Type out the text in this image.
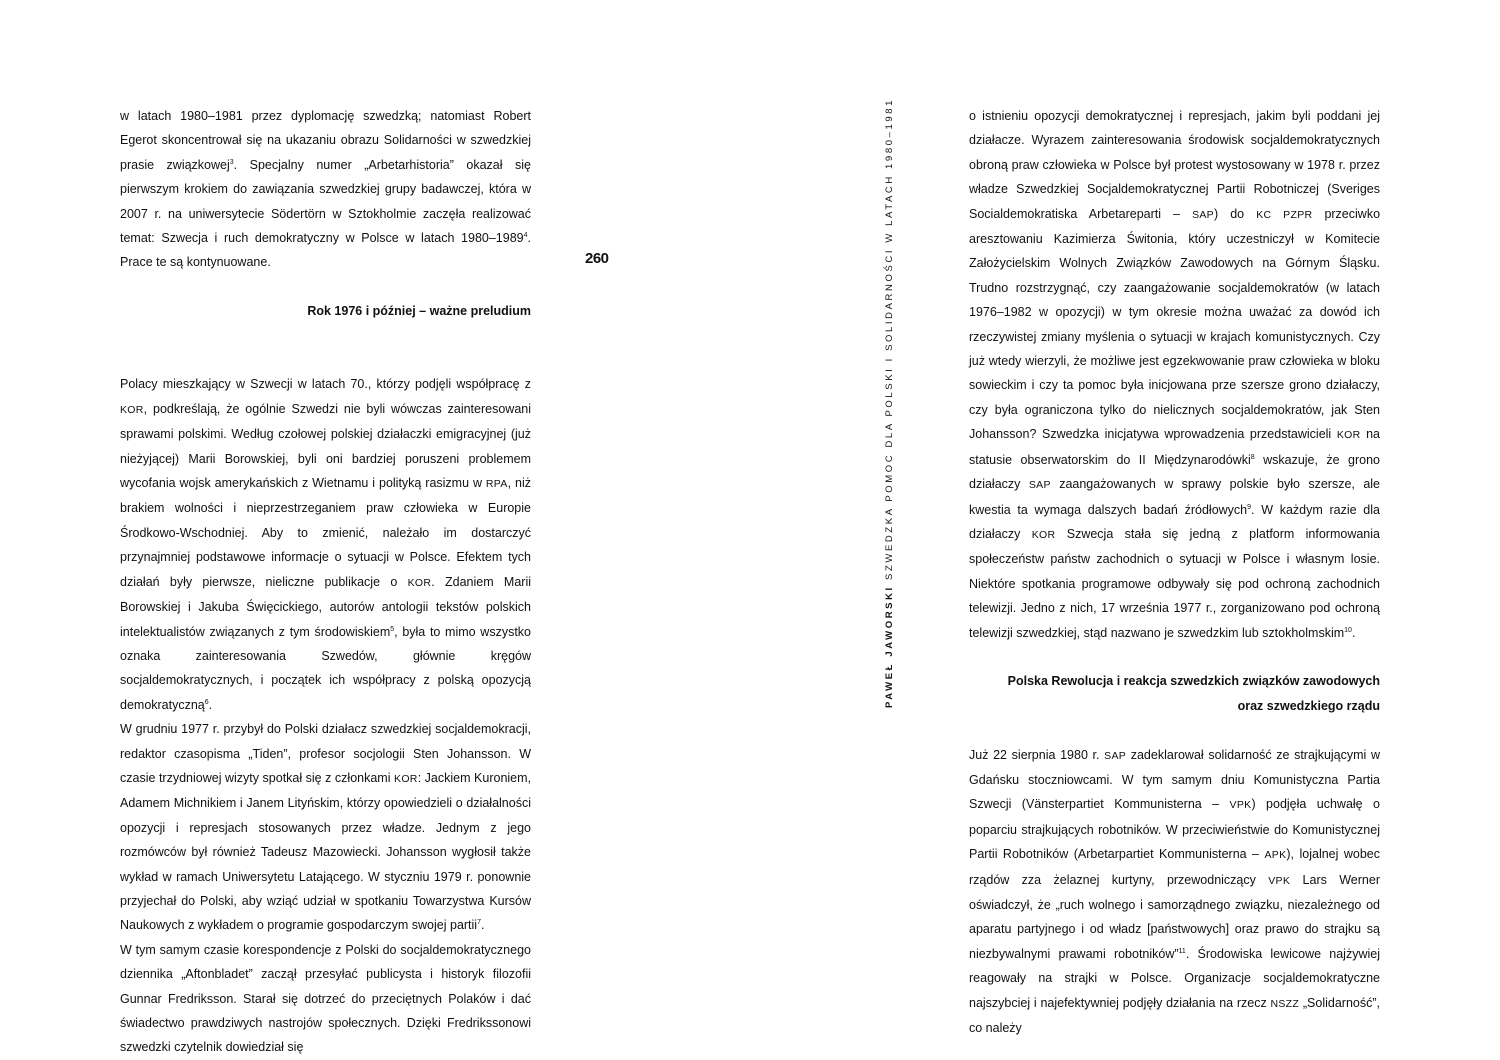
w latach 1980–1981 przez dyplomację szwedzką; natomiast Robert Egerot skoncentrował się na ukazaniu obrazu Solidarności w szwedzkiej prasie związkowej$^3$. Specjalny numer „Arbetarhistoria” okazał się pierwszym krokiem do zawiązania szwedzkiej grupy badawczej, która w 2007 r. na uniwersytecie Södertörn w Sztokholmie zaczęła realizować temat: Szwecja i ruch demokratyczny w Polsce w latach 1980–1989$^4$. Prace te są kontynuowane.

Rok 1976 i później – ważne preludium

Polacy mieszkający w Szwecji w latach 70., którzy podjęli współpracę z KOR, podkreślają, że ogólnie Szwedzi nie byli wówczas zainteresowani sprawami polskimi. Według czołowej polskiej działaczki emigracyjnej (już nieżyjącej) Marii Borowskiej, byli oni bardziej poruszeni problemem wycofania wojsk amerykańskich z Wietnamu i polityką rasizmu w RPA, niż brakiem wolności i nieprzestrzeganiem praw człowieka w Europie Środkowo-Wschodniej. Aby to zmienić, należało im dostarczyć przynajmniej podstawowe informacje o sytuacji w Polsce. Efektem tych działań były pierwsze, nieliczne publikacje o KOR. Zdaniem Marii Borowskiej i Jakuba Święcickiego, autorów antologii tekstów polskich intelektualistów związanych z tym środowiskiem$^5$, była to mimo wszystko oznaka zainteresowania Szwedów, głównie kręgów socjaldemokratycznych, i początek ich współpracy z polską opozycją demokratyczną$^6$.

W grudniu 1977 r. przybył do Polski działacz szwedzkiej socjaldemokracji, redaktor czasopisma „Tiden”, profesor socjologii Sten Johansson. W czasie trzydniowej wizyty spotkał się z członkami KOR: Jackiem Kuroniem, Adamem Michnikiem i Janem Lityńskim, którzy opowiedzieli o działalności opozycji i represjach stosowanych przez władze. Jednym z jego rozmówców był również Tadeusz Mazowiecki. Johansson wygłosił także wykład w ramach Uniwersytetu Latającego. W styczniu 1979 r. ponownie przyjechał do Polski, aby wziąć udział w spotkaniu Towarzystwa Kursów Naukowych z wykładem o programie gospodarczym swojej partii$^7$.

W tym samym czasie korespondencje z Polski do socjaldemokratycznego dziennika „Aftonbladet” zaczął przesyłać publicysta i historyk filozofii Gunnar Fredriksson. Starał się dotrzeć do przeciętnych Polaków i dać świadectwo prawdziwych nastrojów społecznych. Dzięki Fredrikssonowi szwedzki czytelnik dowiedział się

260
PAWEŁ JAWORSKI SZWEDZKA POMOC DLA POLSKI I SOLIDARNOŚCI W LATACH 1980–1981	o istnieniu opozycji demokratycznej i represjach, jakim byli poddani jej działacze. Wyrazem zainteresowania środowisk socjaldemokratycznych obroną praw człowieka w Polsce był protest wystosowany w 1978 r. przez władze Szwedzkiej Socjaldemokratycznej Partii Robotniczej (Sveriges Socialdemokratiska Arbetareparti – SAP) do KC PZPR przeciwko aresztowaniu Kazimierza Świtonia, który uczestniczył w Komitecie Założycielskim Wolnych Związków Zawodowych na Górnym Śląsku. Trudno rozstrzygnąć, czy zaangażowanie socjaldemokratów (w latach 1976–1982 w opozycji) w tym okresie można uważać za dowód ich rzeczywistej zmiany myślenia o sytuacji w krajach komunistycznych. Czy już wtedy wierzyli, że możliwe jest egzekwowanie praw człowieka w bloku sowieckim i czy ta pomoc była inicjowana prze szersze grono działaczy, czy była ograniczona tylko do nielicznych socjaldemokratów, jak Sten Johansson? Szwedzka inicjatywa wprowadzenia przedstawicieli KOR na statusie obserwatorskim do II Międzynarodówki$^8$ wskazuje, że grono działaczy SAP zaangażowanych w sprawy polskie było szersze, ale kwestia ta wymaga dalszych badań źródłowych$^9$. W każdym razie dla działaczy KOR Szwecja stała się jedną z platform informowania społeczeństw państw zachodnich o sytuacji w Polsce i własnym losie. Niektóre spotkania programowe odbywały się pod ochroną zachodnich telewizji. Jedno z nich, 17 września 1977 r., zorganizowano pod ochroną telewizji szwedzkiej, stąd nazwano je szwedzkim lub sztokholmskim$^{10}$.

Polska Rewolucja i reakcja szwedzkich związków zawodowych
oraz szwedzkiego rządu

Już 22 sierpnia 1980 r. SAP zadeklarował solidarność ze strajkującymi w Gdańsku stoczniowcami. W tym samym dniu Komunistyczna Partia Szwecji (Vänsterpartiet Kommunisterna – VPK) podjęła uchwałę o poparciu strajkujących robotników. W przeciwieństwie do Komunistycznej Partii Robotników (Arbetarpartiet Kommunisterna – APK), lojalnej wobec rządów zza żelaznej kurtyny, przewodniczący VPK Lars Werner oświadczył, że „ruch wolnego i samorządnego związku, niezależnego od aparatu partyjnego i od władz [państwowych] oraz prawo do strajku są niezbywalnymi prawami robotników”$^{11}$. Środowiska lewicowe najżywiej reagowały na strajki w Polsce. Organizacje socjaldemokratyczne najszybciej i najefektywniej podjęły działania na rzecz NSZZ „Solidarność”, co należy
